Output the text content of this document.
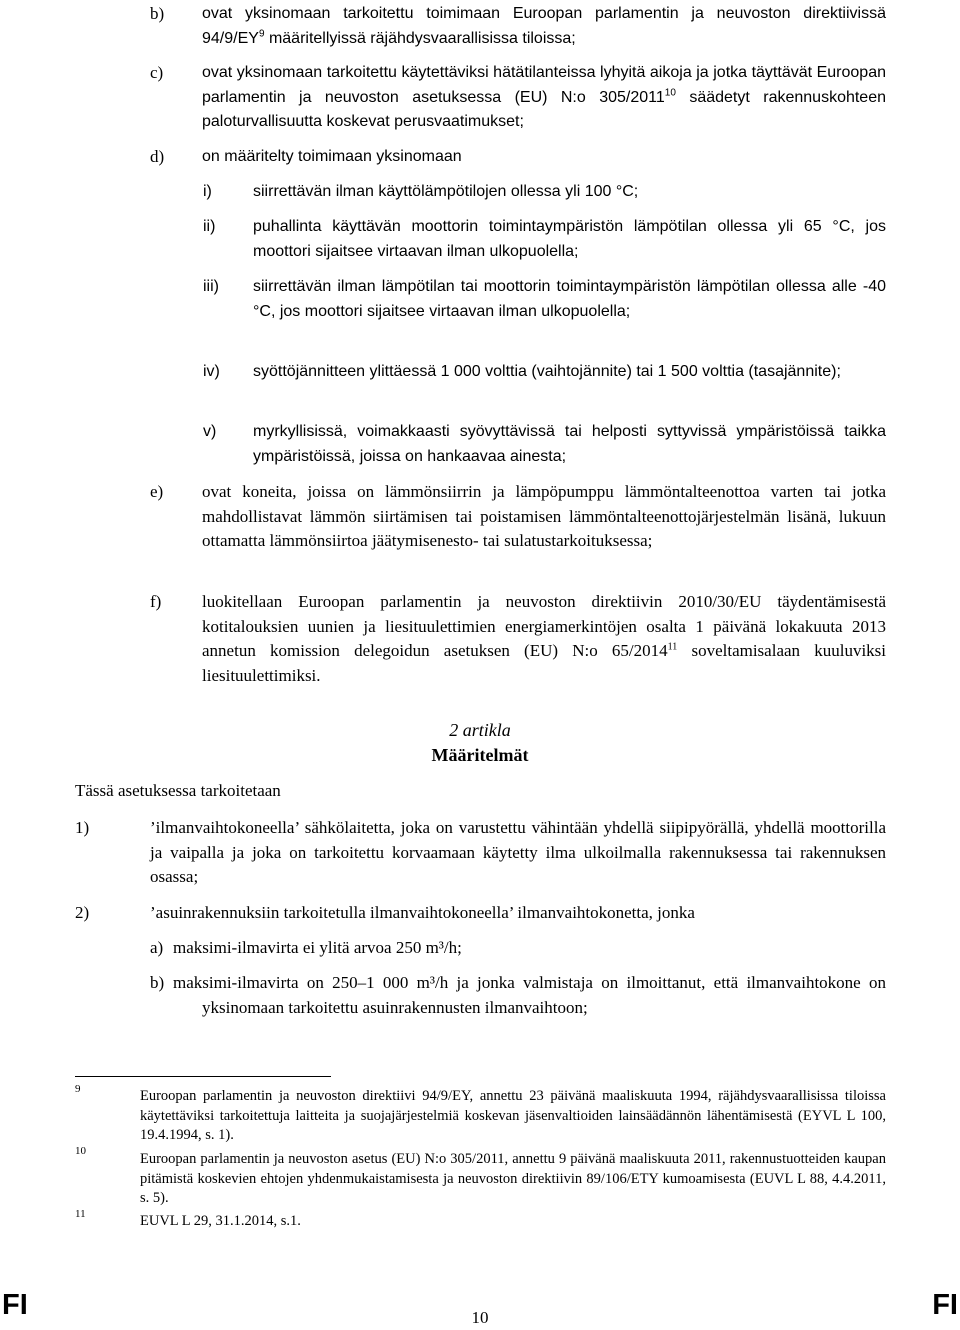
b) ovat yksinomaan tarkoitettu toimimaan Euroopan parlamentin ja neuvoston direktiivissä $94/9/EY^9$ määritellyissä räjähdysvaarallisissa tiloissa;
c) ovat yksinomaan tarkoitettu käytettäviksi hätätilanteissa lyhyitä aikoja ja jotka täyttävät Euroopan parlamentin ja neuvoston asetuksessa (EU) N:o 305/2011$^{10}$ säädetyt rakennuskohteen paloturvallisuutta koskevat perusvaatimukset;
d) on määritelty toimimaan yksinomaan
i)	siirrettävän ilman käyttölämpötilojen ollessa yli 100 °C;
ii) puhallinta käyttävän moottorin toimintaympäristön lämpötilan ollessa yli 65 °C, jos moottori sijaitsee virtaavan ilman ulkopuolella;
iii) siirrettävän ilman lämpötilan tai moottorin toimintaympäristön lämpötilan ollessa alle -40 °C, jos moottori sijaitsee virtaavan ilman ulkopuolella;
iv) syöttöjännitteen ylittäessä 1 000 volttia (vaihtojännite) tai 1 500 volttia (tasajännite);
v) myrkyllisissä, voimakkaasti syövyttävissä tai helposti syttyvissä ympäristöissä taikka ympäristöissä, joissa on hankaavaa ainesta;
e) ovat koneita, joissa on lämmönsiirrin ja lämpöpumppu lämmöntalteenottoa varten tai jotka mahdollistavat lämmön siirtämisen tai poistamisen lämmöntalteenottojärjestelmän lisänä, lukuun ottamatta lämmönsiirtoa jäätymisenesto- tai sulatustarkoituksessa;
f) luokitellaan Euroopan parlamentin ja neuvoston direktiivin 2010/30/EU täydentämisestä kotitalouksien uunien ja liesituulettimien energiamerkintöjen osalta 1 päivänä lokakuuta 2013 annetun komission delegoidun asetuksen (EU) N:o 65/2014$^{11}$ soveltamisalaan kuuluviksi liesituulettimiksi.
2 artikla
Määritelmät
Tässä asetuksessa tarkoitetaan
1)	’ilmanvaihtokoneella’ sähkölaitetta, joka on varustettu vähintään yhdellä siipipyörällä, yhdellä moottorilla ja vaipalla ja joka on tarkoitettu korvaamaan käytetty ilma ulkoilmalla rakennuksessa tai rakennuksen osassa;
2)	’asuinrakennuksiin tarkoitetulla ilmanvaihtokoneella’ ilmanvaihtokonetta, jonka
a) maksimi-ilmavirta ei ylitä arvoa 250 m³/h;
b) maksimi-ilmavirta on 250–1 000 m³/h ja jonka valmistaja on ilmoittanut, että ilmanvaihtokone on yksinomaan tarkoitettu asuinrakennusten ilmanvaihtoon;
9	Euroopan parlamentin ja neuvoston direktiivi 94/9/EY, annettu 23 päivänä maaliskuuta 1994, räjähdysvaarallisissa tiloissa käytettäviksi tarkoitettuja laitteita ja suojajärjestelmiä koskevan jäsenvaltioiden lainsäädännön lähentämisestä (EYVL L 100, 19.4.1994, s. 1).
10	Euroopan parlamentin ja neuvoston asetus (EU) N:o 305/2011, annettu 9 päivänä maaliskuuta 2011, rakennustuotteiden kaupan pitämistä koskevien ehtojen yhdenmukaistamisesta ja neuvoston direktiivin 89/106/ETY kumoamisesta (EUVL L 88, 4.4.2011, s. 5).
11	EUVL L 29, 31.1.2014, s.1.
FI	10	FI
